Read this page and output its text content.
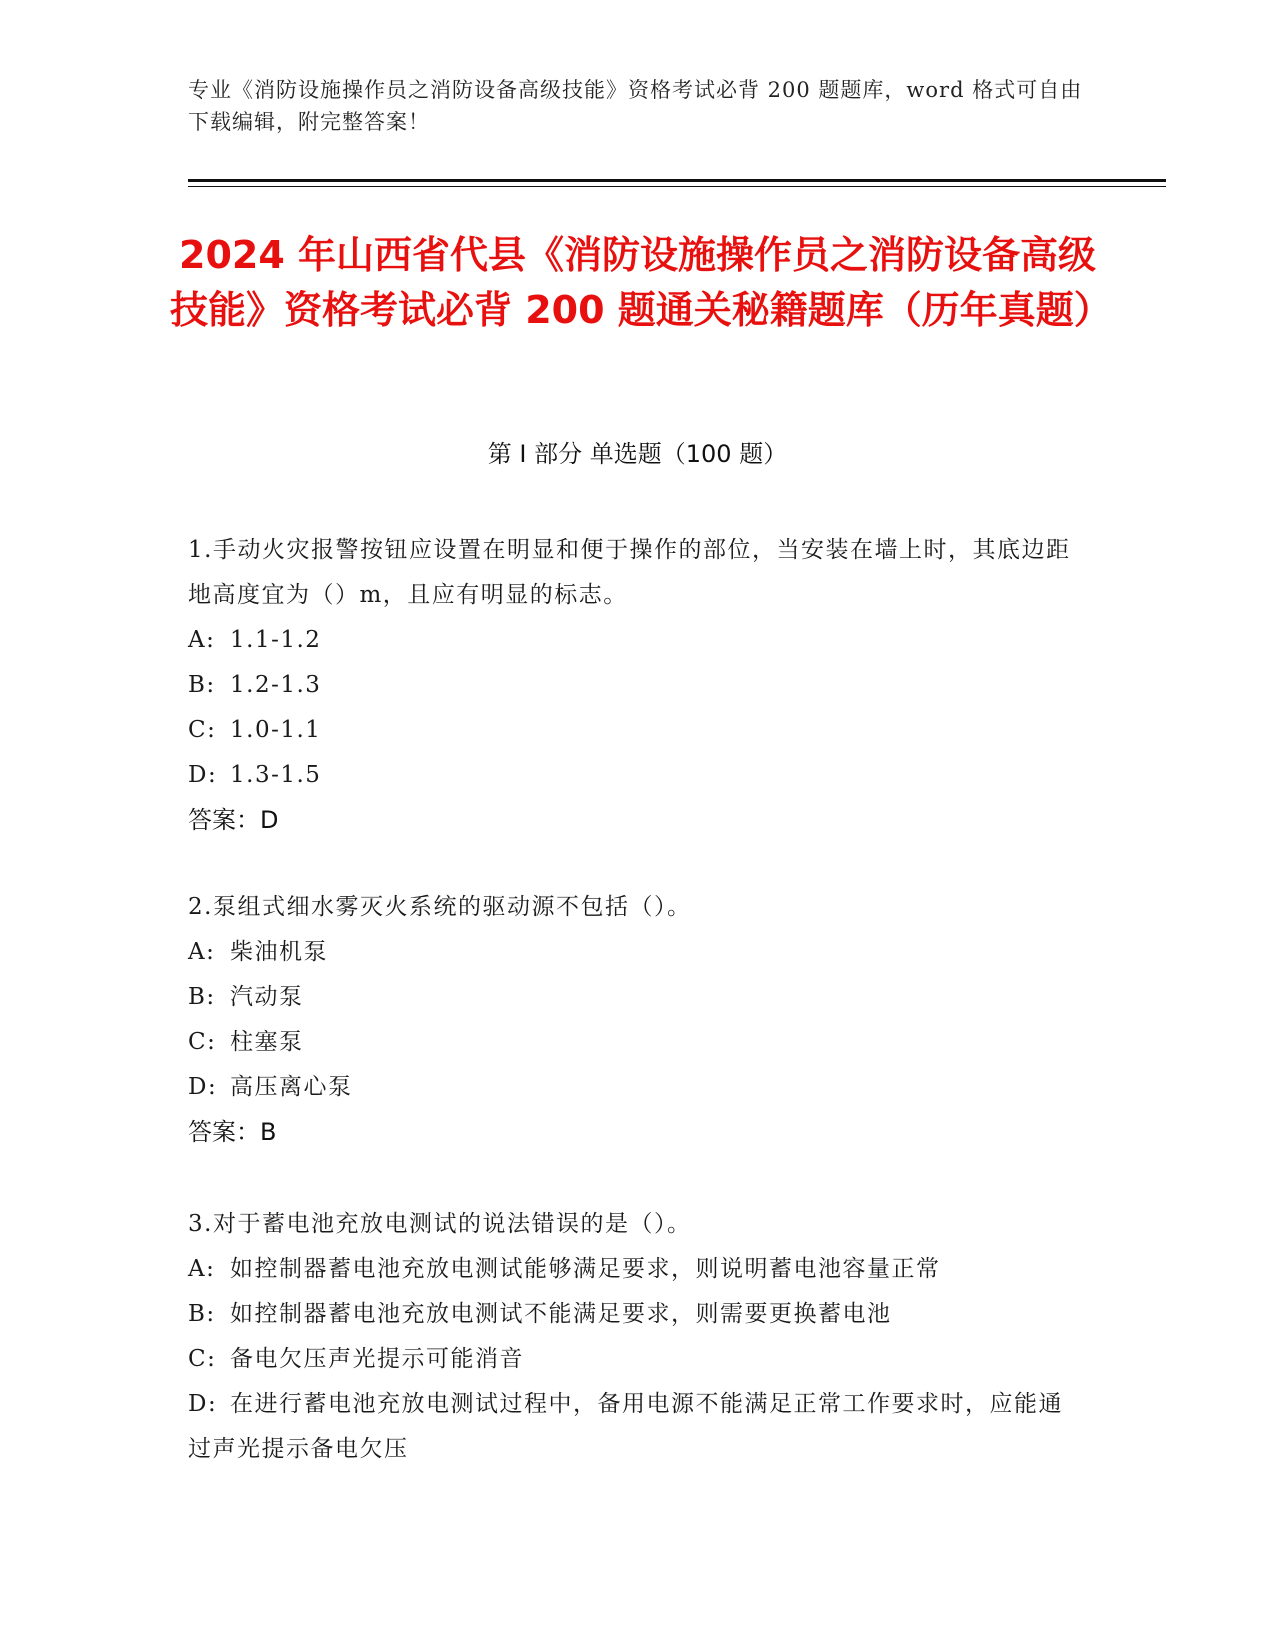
专业《消防设施操作员之消防设备高级技能》资格考试必背 200 题题库，word 格式可自由下载编辑，附完整答案！
2024 年山西省代县《消防设施操作员之消防设备高级技能》资格考试必背 200 题通关秘籍题库（历年真题）
第 I 部分 单选题（100 题）

1.手动火灾报警按钮应设置在明显和便于操作的部位，当安装在墙上时，其底边距地高度宜为（）m，且应有明显的标志。

A: 1.1-1.2

B: 1.2-1.3

C: 1.0-1.1

D: 1.3-1.5

答案：D

2.泵组式细水雾灭火系统的驱动源不包括（）。

A: 柴油机泵

B: 汽动泵

C: 柱塞泵

D: 高压离心泵

答案：B

3.对于蓄电池充放电测试的说法错误的是（）。

A: 如控制器蓄电池充放电测试能够满足要求，则说明蓄电池容量正常

B: 如控制器蓄电池充放电测试不能满足要求，则需要更换蓄电池

C: 备电欠压声光提示可能消音

D: 在进行蓄电池充放电测试过程中，备用电源不能满足正常工作要求时，应能通过声光提示备电欠压
